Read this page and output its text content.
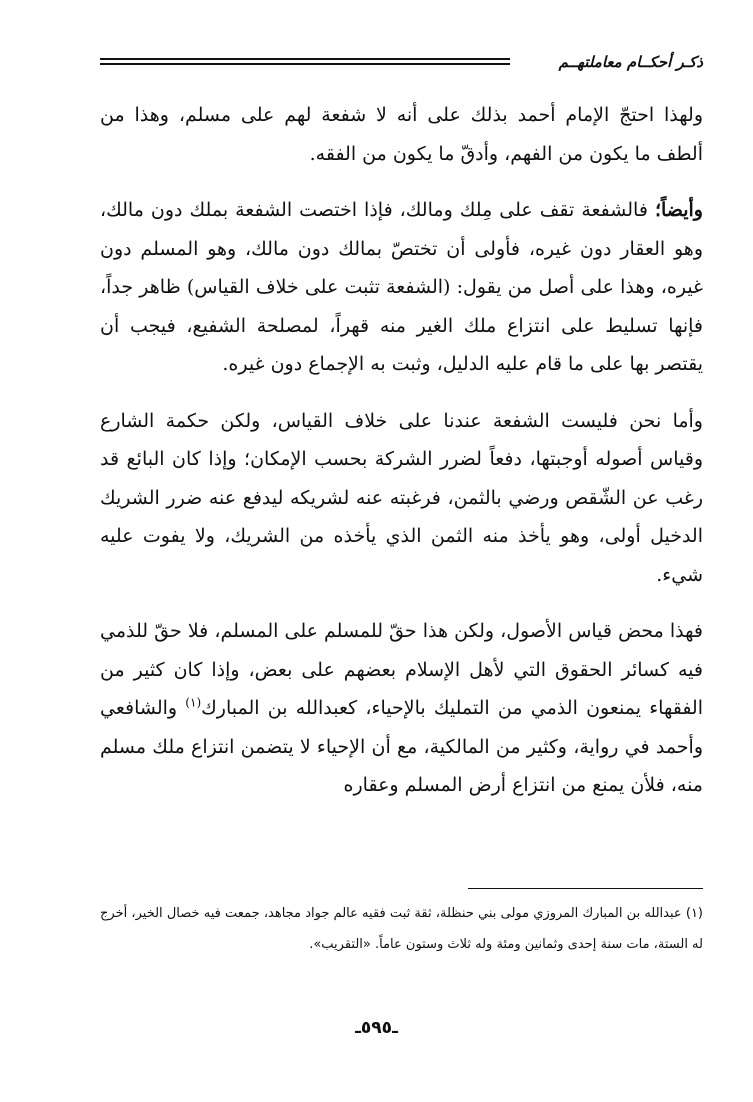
ذكـر أحكــام معاملتهــم

ولهذا احتجّ الإمام أحمد بذلك على أنه لا شفعة لهم على مسلم، وهذا من ألطف ما يكون من الفهم، وأدقّ ما يكون من الفقه.

وأيضاً؛ فالشفعة تقف على مِلك ومالك، فإذا اختصت الشفعة بملك دون مالك، وهو العقار دون غيره، فأولى أن تختصّ بمالك دون مالك، وهو المسلم دون غيره، وهذا على أصل من يقول: (الشفعة تثبت على خلاف القياس) ظاهر جداً، فإنها تسليط على انتزاع ملك الغير منه قهراً، لمصلحة الشفيع، فيجب أن يقتصر بها على ما قام عليه الدليل، وثبت به الإجماع دون غيره.

وأما نحن فليست الشفعة عندنا على خلاف القياس، ولكن حكمة الشارع وقياس أصوله أوجبتها، دفعاً لضرر الشركة بحسب الإمكان؛ وإذا كان البائع قد رغب عن الشّقص ورضي بالثمن، فرغبته عنه لشريكه ليدفع عنه ضرر الشريك الدخيل أولى، وهو يأخذ منه الثمن الذي يأخذه من الشريك، ولا يفوت عليه شيء.

فهذا محض قياس الأصول، ولكن هذا حقّ للمسلم على المسلم، فلا حقّ للذمي فيه كسائر الحقوق التي لأهل الإسلام بعضهم على بعض، وإذا كان كثير من الفقهاء يمنعون الذمي من التمليك بالإحياء، كعبدالله بن المبارك$^{(١)}$ والشافعي وأحمد في رواية، وكثير من المالكية، مع أن الإحياء لا يتضمن انتزاع ملك مسلم منه، فلأن يمنع من انتزاع أرض المسلم وعقاره

(١) عبدالله بن المبارك المروزي مولى بني حنظلة، ثقة ثبت فقيه عالم جواد مجاهد، جمعت فيه خصال الخير، أخرج له الستة، مات سنة إحدى وثمانين ومئة وله ثلاث وستون عاماً. «التقريب».

ـ٥٩٥ـ
